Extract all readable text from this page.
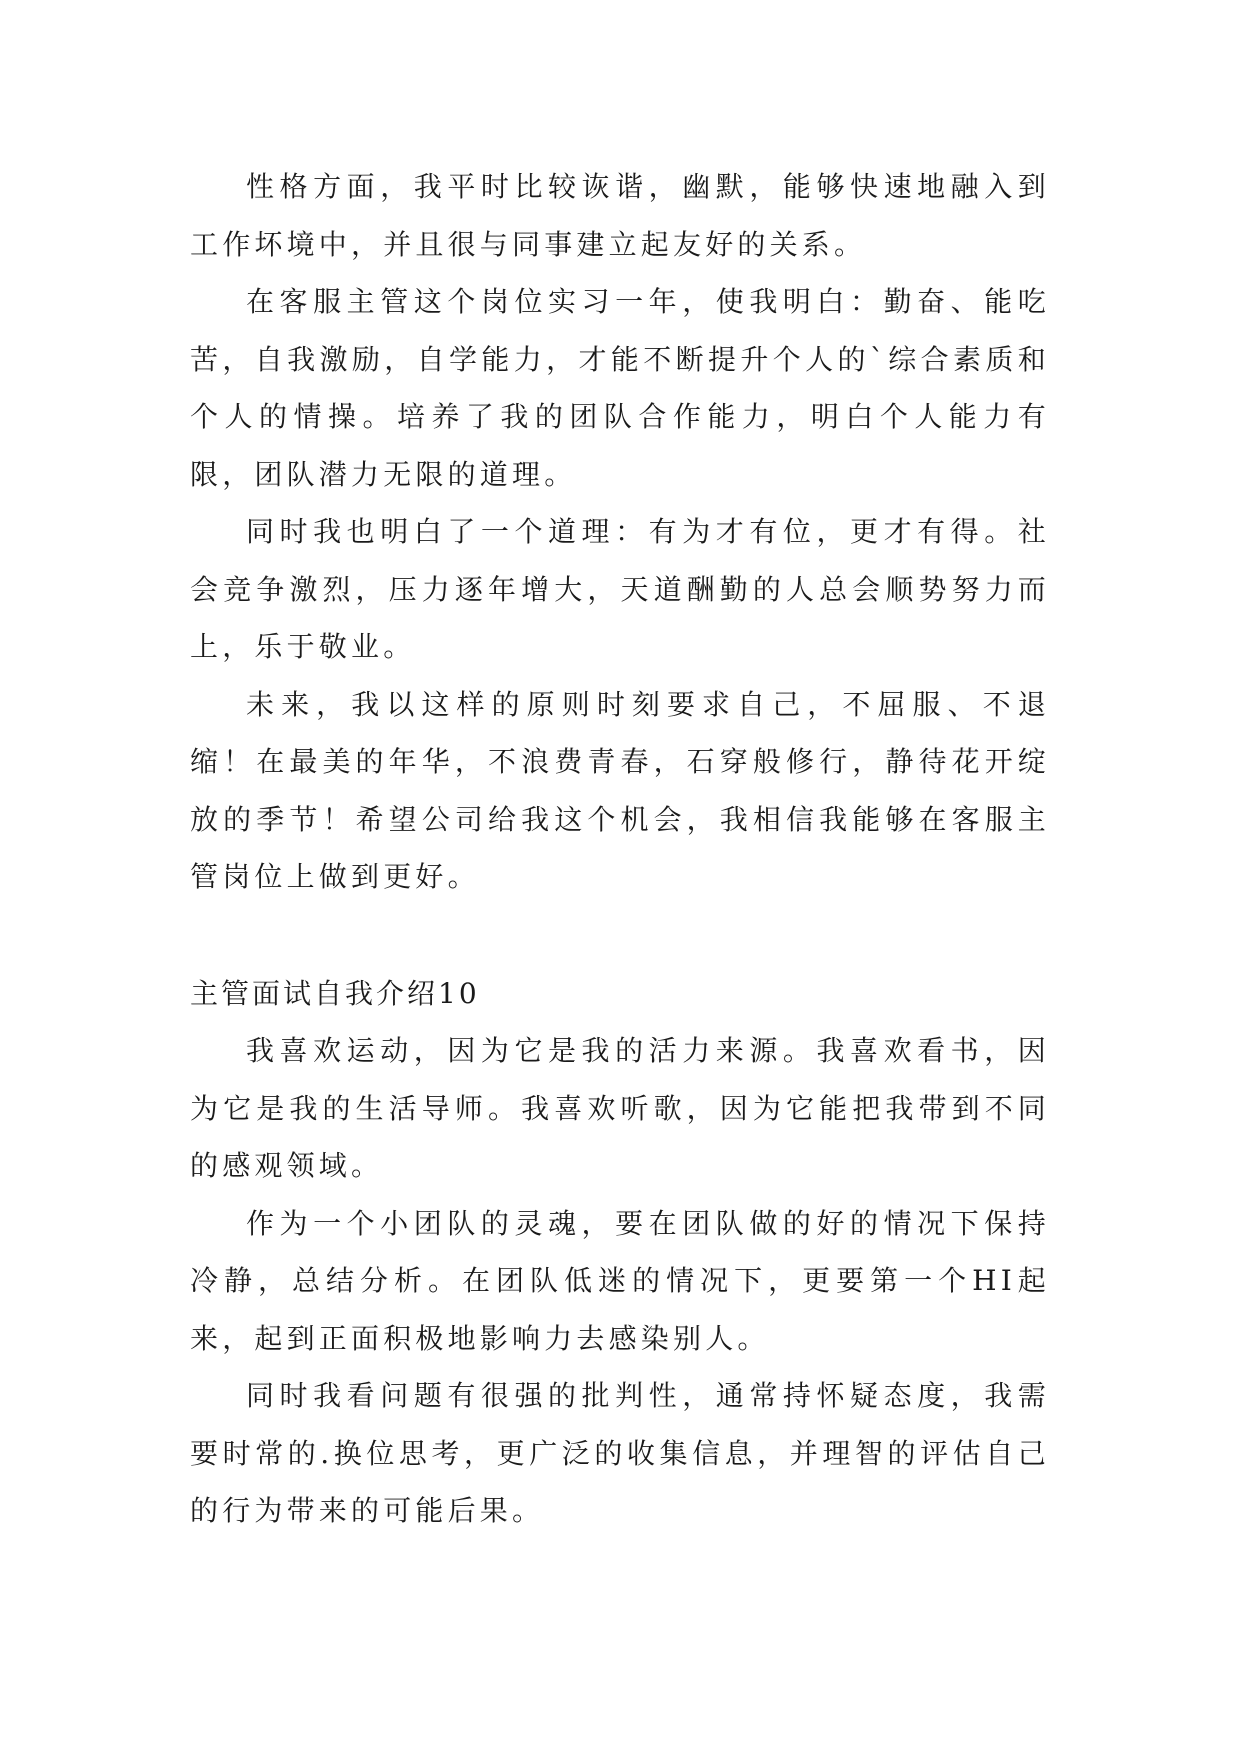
性格方面，我平时比较诙谐，幽默，能够快速地融入到工作坏境中，并且很与同事建立起友好的关系。

在客服主管这个岗位实习一年，使我明白：勤奋、能吃苦，自我激励，自学能力，才能不断提升个人的`综合素质和个人的情操。培养了我的团队合作能力，明白个人能力有限，团队潜力无限的道理。

同时我也明白了一个道理：有为才有位，更才有得。社会竞争激烈，压力逐年增大，天道酬勤的人总会顺势努力而上，乐于敬业。

未来，我以这样的原则时刻要求自己，不屈服、不退缩！在最美的年华，不浪费青春，石穿般修行，静待花开绽放的季节！希望公司给我这个机会，我相信我能够在客服主管岗位上做到更好。

主管面试自我介绍10

我喜欢运动，因为它是我的活力来源。我喜欢看书，因为它是我的生活导师。我喜欢听歌，因为它能把我带到不同的感观领域。

作为一个小团队的灵魂，要在团队做的好的情况下保持冷静，总结分析。在团队低迷的情况下，更要第一个HI起来，起到正面积极地影响力去感染别人。

同时我看问题有很强的批判性，通常持怀疑态度，我需要时常的.换位思考，更广泛的收集信息，并理智的评估自己的行为带来的可能后果。
